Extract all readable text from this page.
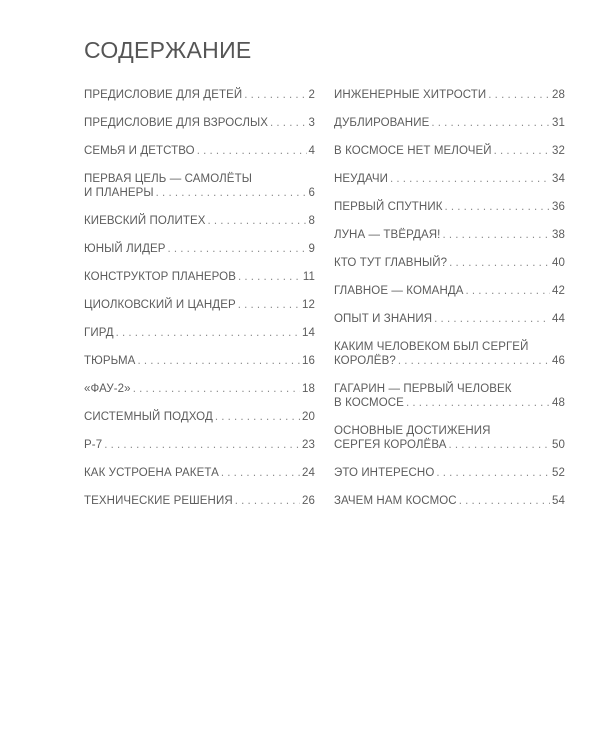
СОДЕРЖАНИЕ
ПРЕДИСЛОВИЕ ДЛЯ ДЕТЕЙ . . .	2
ПРЕДИСЛОВИЕ ДЛЯ ВЗРОСЛЫХ . . .	3
СЕМЬЯ И ДЕТСТВО . . .	4
ПЕРВАЯ ЦЕЛЬ — САМОЛЁТЫ
И ПЛАНЕРЫ . . .	6
КИЕВСКИЙ ПОЛИТЕХ . . .	8
ЮНЫЙ ЛИДЕР . . .	9
КОНСТРУКТОР ПЛАНЕРОВ . . .	11
ЦИОЛКОВСКИЙ И ЦАНДЕР . . .	12
ГИРД . . .	14
ТЮРЬМА . . .	16
«ФАУ-2» . . .	18
СИСТЕМНЫЙ ПОДХОД . . .	20
Р-7 . . .	23
КАК УСТРОЕНА РАКЕТА . . .	24
ТЕХНИЧЕСКИЕ РЕШЕНИЯ . . .	26
ИНЖЕНЕРНЫЕ ХИТРОСТИ . . .	28
ДУБЛИРОВАНИЕ . . .	31
В КОСМОСЕ НЕТ МЕЛОЧЕЙ . . .	32
НЕУДАЧИ . . .	34
ПЕРВЫЙ СПУТНИК . . .	36
ЛУНА — ТВЁРДАЯ! . . .	38
КТО ТУТ ГЛАВНЫЙ? . . .	40
ГЛАВНОЕ — КОМАНДА . . .	42
ОПЫТ И ЗНАНИЯ . . .	44
КАКИМ ЧЕЛОВЕКОМ БЫЛ СЕРГЕЙ
КОРОЛЁВ? . . .	46
ГАГАРИН — ПЕРВЫЙ ЧЕЛОВЕК
В КОСМОСЕ . . .	48
ОСНОВНЫЕ ДОСТИЖЕНИЯ
СЕРГЕЯ КОРОЛЁВА . . .	50
ЭТО ИНТЕРЕСНО . . .	52
ЗАЧЕМ НАМ КОСМОС . . .	54
